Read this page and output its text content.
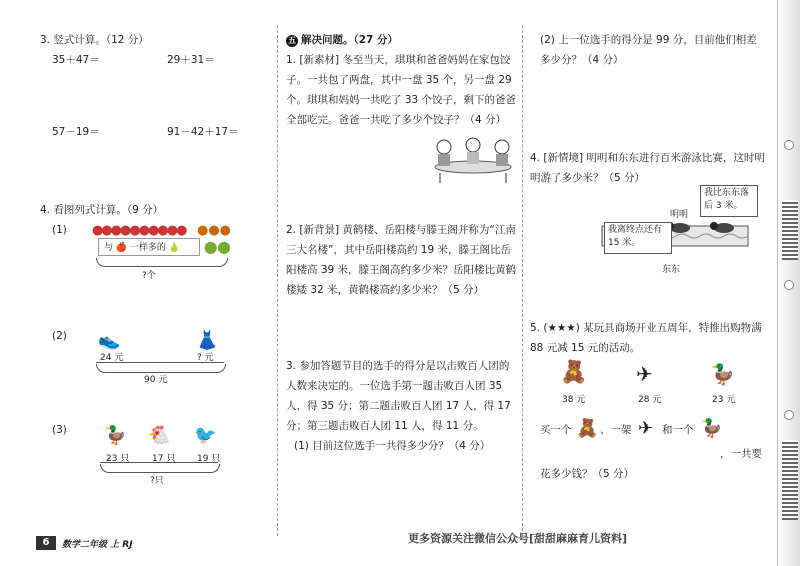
3. 竖式计算。（12 分）
35＋47＝	29＋31＝
57－19＝	91－42＋17＝
4. 看图列式计算。（9 分）
(1) ●●●●●●●●●● ●●●
与 🍎 一样多的 🍐 ⬤⬤
?个
(2) 👟	👗
24 元	? 元
90 元
(3) 🦆 🐔 🐦
23 只	17 只 19 只
?只
五 解决问题。（27 分）
1. [新素材] 冬至当天，琪琪和爸爸妈妈在家包饺子。一共包了两盘，其中一盘 35 个，另一盘 29 个。琪琪和妈妈一共吃了 33 个饺子，剩下的爸爸全部吃完。爸爸一共吃了多少个饺子？（4 分）
2. [新背景] 黄鹤楼、岳阳楼与滕王阁并称为“江南三大名楼”，其中岳阳楼高约 19 米，滕王阁比岳阳楼高 39 米，滕王阁高约多少米？岳阳楼比黄鹤楼矮 32 米，黄鹤楼高约多少米？（5 分）
3. 参加答题节目的选手的得分是以击败百人团的人数来决定的。一位选手第一题击败百人团 35 人，得 35 分；第二题击败百人团 17 人，得 17 分；第三题击败百人团 11 人，得 11 分。
(1) 目前这位选手一共得多少分？（4 分）
(2) 上一位选手的得分是 99 分，目前他们相差多少分？（4 分）
4. [新情境] 明明和东东进行百米游泳比赛，这时明明游了多少米？（5 分）
我比东东落后 3 米。
明明
我离终点还有 15 米。
东东
5. (★★★) 某玩具商场开业五周年，特推出购物满 88 元减 15 元的活动。
🧸 ✈	🦆
38 元	28 元	23 元
买一个 🧸 、一架 ✈ 和一个 🦆
，一共要花多少钱？（5 分）
6	数学二年级 上 RJ	更多资源关注微信公众号[甜甜麻麻育儿资料]
